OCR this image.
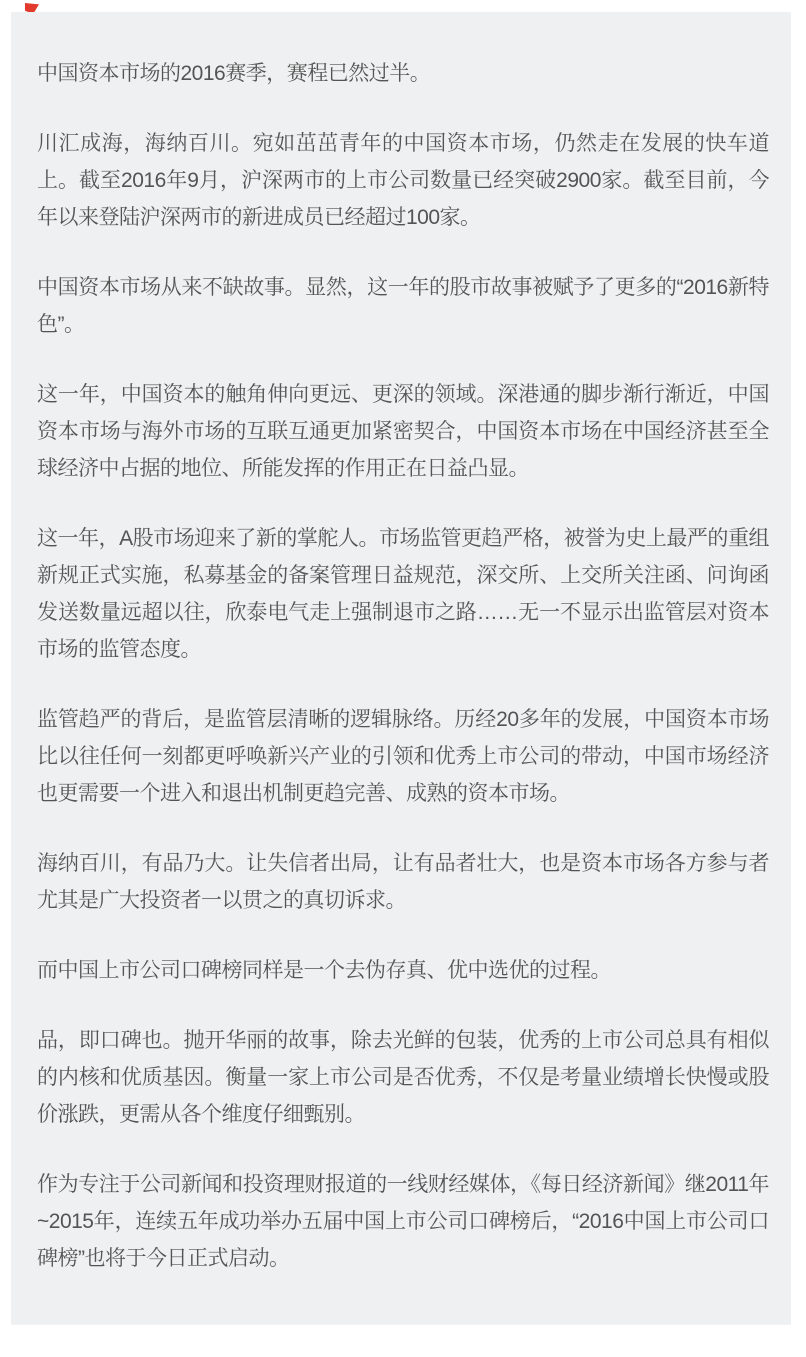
中国资本市场的2016赛季，赛程已然过半。

川汇成海，海纳百川。宛如茁茁青年的中国资本市场，仍然走在发展的快车道上。截至2016年9月，沪深两市的上市公司数量已经突破2900家。截至目前，今年以来登陆沪深两市的新进成员已经超过100家。

中国资本市场从来不缺故事。显然，这一年的股市故事被赋予了更多的“2016新特色”。

这一年，中国资本的触角伸向更远、更深的领域。深港通的脚步渐行渐近，中国资本市场与海外市场的互联互通更加紧密契合，中国资本市场在中国经济甚至全球经济中占据的地位、所能发挥的作用正在日益凸显。

这一年，A股市场迎来了新的掌舵人。市场监管更趋严格，被誉为史上最严的重组新规正式实施，私募基金的备案管理日益规范，深交所、上交所关注函、问询函发送数量远超以往，欣泰电气走上强制退市之路……无一不显示出监管层对资本市场的监管态度。

监管趋严的背后，是监管层清晰的逻辑脉络。历经20多年的发展，中国资本市场比以往任何一刻都更呼唤新兴产业的引领和优秀上市公司的带动，中国市场经济也更需要一个进入和退出机制更趋完善、成熟的资本市场。

海纳百川，有品乃大。让失信者出局，让有品者壮大，也是资本市场各方参与者尤其是广大投资者一以贯之的真切诉求。

而中国上市公司口碑榜同样是一个去伪存真、优中选优的过程。

品，即口碑也。抛开华丽的故事，除去光鲜的包装，优秀的上市公司总具有相似的内核和优质基因。衡量一家上市公司是否优秀，不仅是考量业绩增长快慢或股价涨跌，更需从各个维度仔细甄别。

作为专注于公司新闻和投资理财报道的一线财经媒体，《每日经济新闻》继2011年~2015年，连续五年成功举办五届中国上市公司口碑榜后，“2016中国上市公司口碑榜”也将于今日正式启动。
